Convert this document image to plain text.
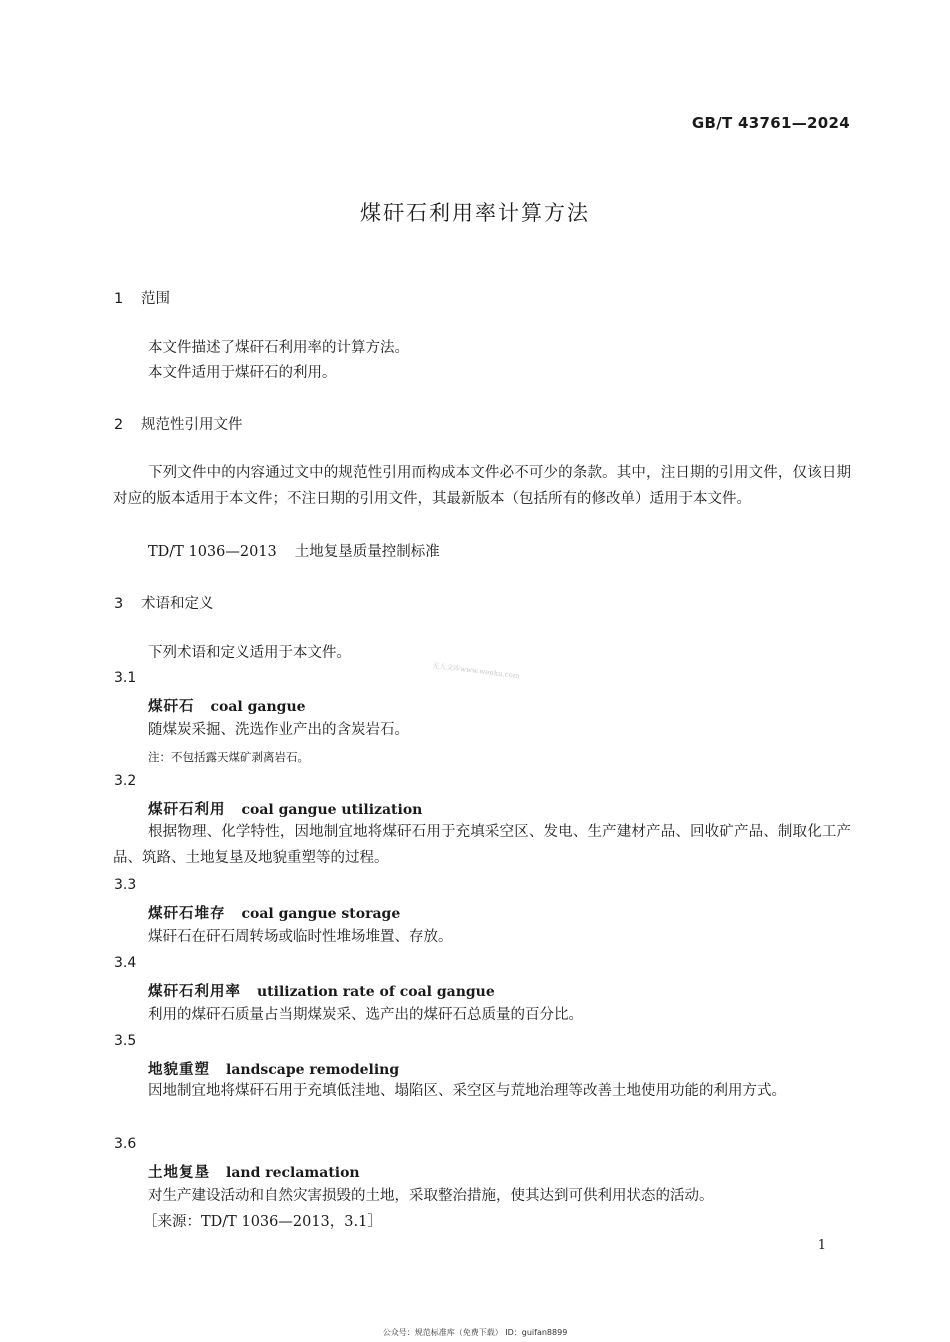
GB/T 43761—2024
煤矸石利用率计算方法
1 范围
本文件描述了煤矸石利用率的计算方法。
本文件适用于煤矸石的利用。
2 规范性引用文件
下列文件中的内容通过文中的规范性引用而构成本文件必不可少的条款。其中，注日期的引用文件，仅该日期对应的版本适用于本文件；不注日期的引用文件，其最新版本（包括所有的修改单）适用于本文件。
TD/T 1036—2013 土地复垦质量控制标准
3 术语和定义
下列术语和定义适用于本文件。
无人文库www.wenku.com
3.1
煤矸石 coal gangue
随煤炭采掘、洗选作业产出的含炭岩石。
注：不包括露天煤矿剥离岩石。
3.2
煤矸石利用 coal gangue utilization
根据物理、化学特性，因地制宜地将煤矸石用于充填采空区、发电、生产建材产品、回收矿产品、制取化工产品、筑路、土地复垦及地貌重塑等的过程。
3.3
煤矸石堆存 coal gangue storage
煤矸石在矸石周转场或临时性堆场堆置、存放。
3.4
煤矸石利用率 utilization rate of coal gangue
利用的煤矸石质量占当期煤炭采、选产出的煤矸石总质量的百分比。
3.5
地貌重塑 landscape remodeling
因地制宜地将煤矸石用于充填低洼地、塌陷区、采空区与荒地治理等改善土地使用功能的利用方式。
3.6
土地复垦 land reclamation
对生产建设活动和自然灾害损毁的土地，采取整治措施，使其达到可供利用状态的活动。
［来源：TD/T 1036—2013，3.1］
1
公众号：规范标准库（免费下载） ID：guifan8899
